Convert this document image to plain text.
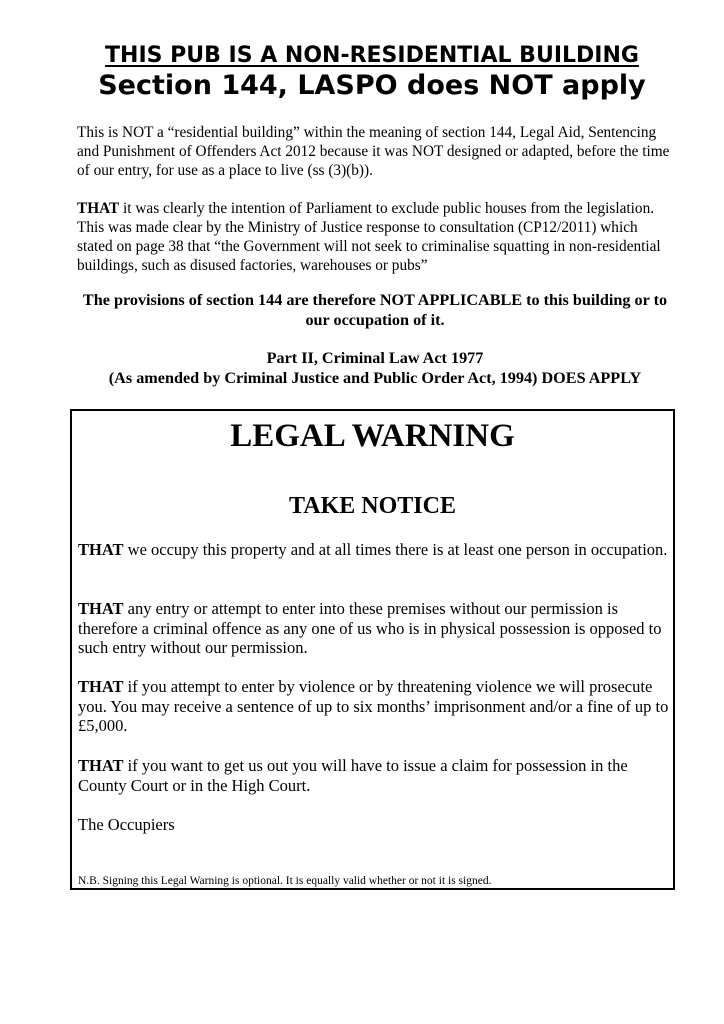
THIS PUB IS A NON-RESIDENTIAL BUILDING
Section 144, LASPO does NOT apply

This is NOT a “residential building” within the meaning of section 144, Legal Aid, Sentencing and Punishment of Offenders Act 2012 because it was NOT designed or adapted, before the time of our entry, for use as a place to live (ss (3)(b)).

THAT it was clearly the intention of Parliament to exclude public houses from the legislation. This was made clear by the Ministry of Justice response to consultation (CP12/2011) which stated on page 38 that “the Government will not seek to criminalise squatting in non-residential buildings, such as disused factories, warehouses or pubs”

The provisions of section 144 are therefore NOT APPLICABLE to this building or to our occupation of it.

Part II, Criminal Law Act 1977
(As amended by Criminal Justice and Public Order Act, 1994) DOES APPLY

LEGAL WARNING

TAKE NOTICE

THAT we occupy this property and at all times there is at least one person in occupation.

THAT any entry or attempt to enter into these premises without our permission is therefore a criminal offence as any one of us who is in physical possession is opposed to such entry without our permission.

THAT if you attempt to enter by violence or by threatening violence we will prosecute you. You may receive a sentence of up to six months’ imprisonment and/or a fine of up to £5,000.

THAT if you want to get us out you will have to issue a claim for possession in the County Court or in the High Court.

The Occupiers

N.B. Signing this Legal Warning is optional. It is equally valid whether or not it is signed.
